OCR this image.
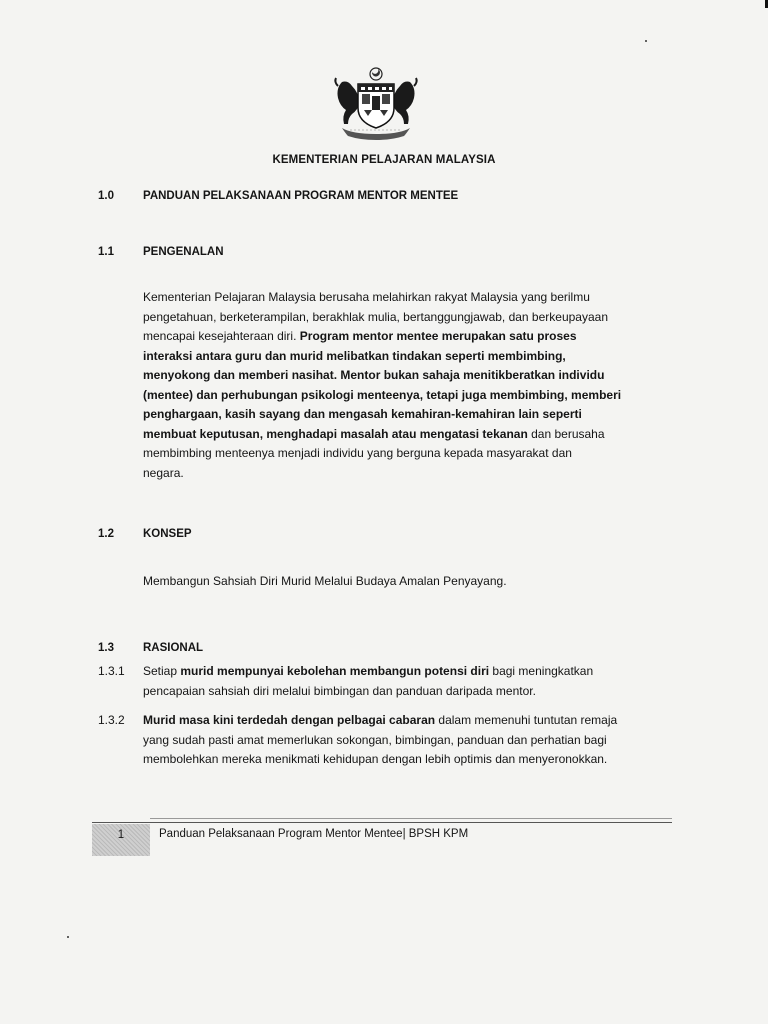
KEMENTERIAN PELAJARAN MALAYSIA
1.0	PANDUAN PELAKSANAAN PROGRAM MENTOR MENTEE
1.1	PENGENALAN
Kementerian Pelajaran Malaysia berusaha melahirkan rakyat Malaysia yang berilmu
pengetahuan, berketerampilan, berakhlak mulia, bertanggungjawab, dan berkeupayaan
mencapai kesejahteraan diri. Program mentor mentee merupakan satu proses
interaksi antara guru dan murid melibatkan tindakan seperti membimbing,
menyokong dan memberi nasihat. Mentor bukan sahaja menitikberatkan individu
(mentee) dan perhubungan psikologi menteenya, tetapi juga membimbing, memberi
penghargaan, kasih sayang dan mengasah kemahiran-kemahiran lain seperti
membuat keputusan, menghadapi masalah atau mengatasi tekanan dan berusaha
membimbing menteenya menjadi individu yang berguna kepada masyarakat dan
negara.
1.2	KONSEP
Membangun Sahsiah Diri Murid Melalui Budaya Amalan Penyayang.
1.3	RASIONAL
1.3.1 Setiap murid mempunyai kebolehan membangun potensi diri bagi meningkatkan
pencapaian sahsiah diri melalui bimbingan dan panduan daripada mentor.
1.3.2 Murid masa kini terdedah dengan pelbagai cabaran dalam memenuhi tuntutan remaja
yang sudah pasti amat memerlukan sokongan, bimbingan, panduan dan perhatian bagi
membolehkan mereka menikmati kehidupan dengan lebih optimis dan menyeronokkan.
1	Panduan Pelaksanaan Program Mentor Mentee| BPSH KPM
